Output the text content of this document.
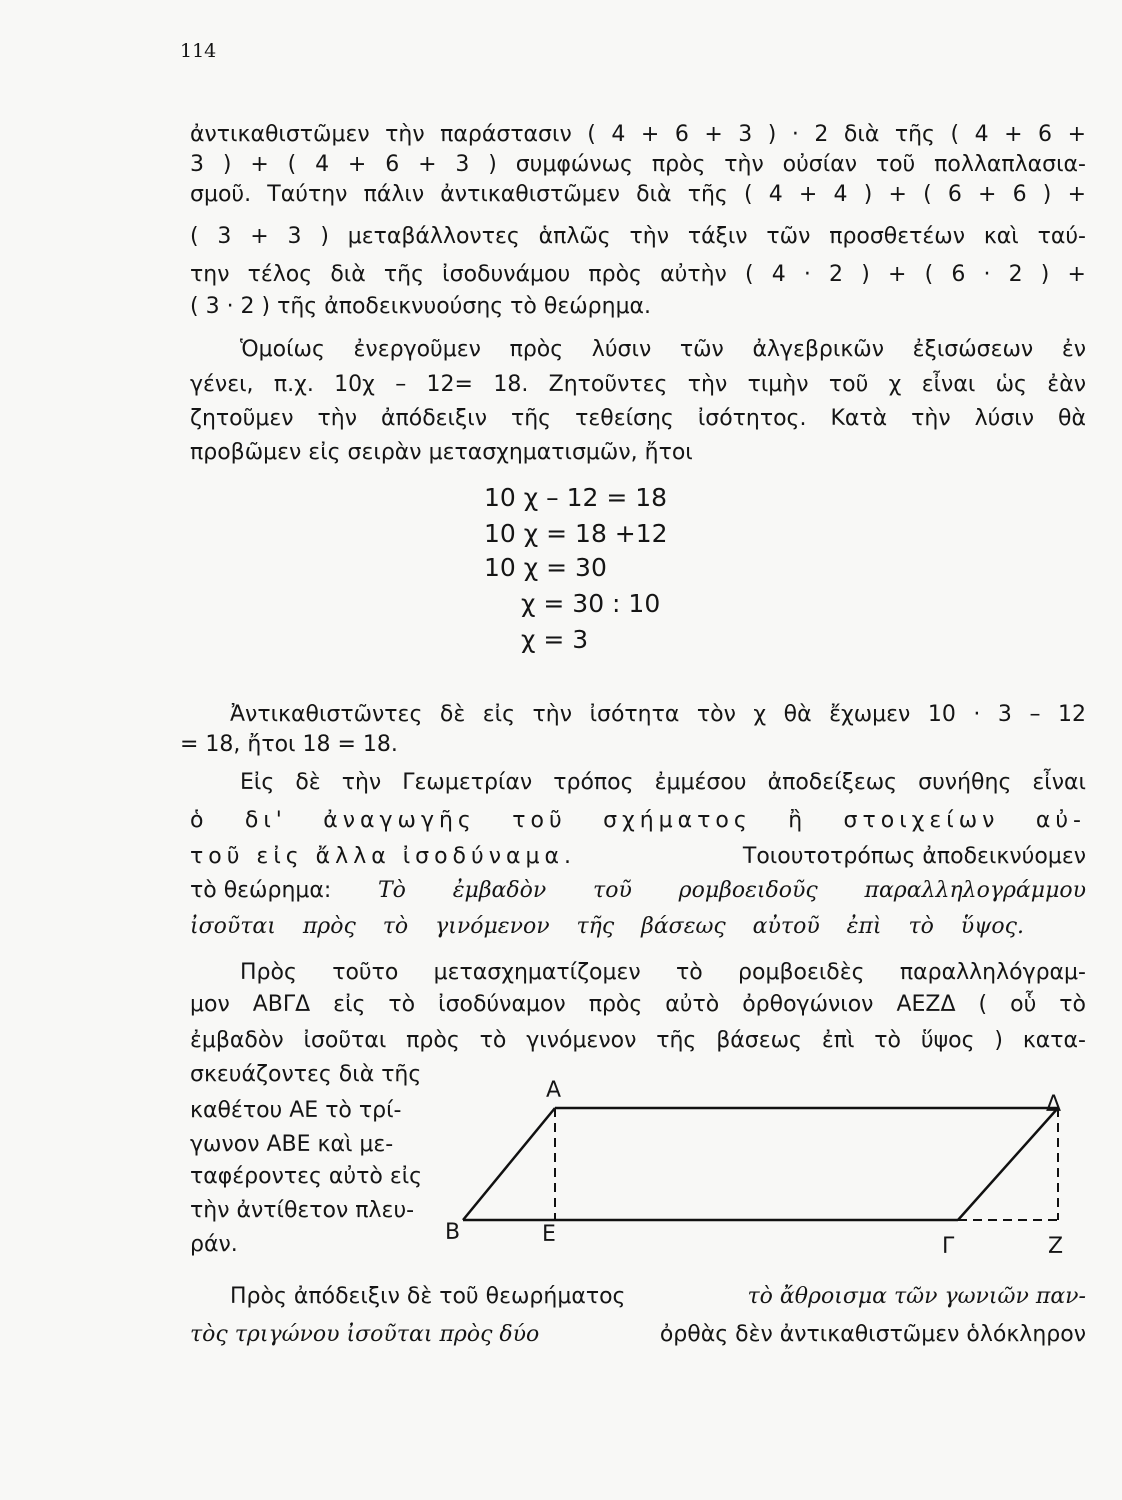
114
ἀντικαθιστῶμεν τὴν παράστασιν ( 4 + 6 + 3 ) · 2 διὰ τῆς ( 4 + 6 +
3 ) + ( 4 + 6 + 3 ) συμφώνως πρὸς τὴν οὐσίαν τοῦ πολλαπλασια-
σμοῦ. Ταύτην πάλιν ἀντικαθιστῶμεν διὰ τῆς ( 4 + 4 ) + ( 6 + 6 ) +
( 3 + 3 ) μεταβάλλοντες ἁπλῶς τὴν τάξιν τῶν προσθετέων καὶ ταύ-
την τέλος διὰ τῆς ἰσοδυνάμου πρὸς αὐτὴν ( 4 · 2 ) + ( 6 · 2 ) +
( 3 · 2 ) τῆς ἀποδεικνυούσης τὸ θεώρημα.
Ὁμοίως ἐνεργοῦμεν πρὸς λύσιν τῶν ἀλγεβρικῶν ἐξισώσεων ἐν
γένει, π.χ. 10χ – 12= 18. Ζητοῦντες τὴν τιμὴν τοῦ χ εἶναι ὡς ἐὰν
ζητοῦμεν τὴν ἀπόδειξιν τῆς τεθείσης ἰσότητος. Κατὰ τὴν λύσιν θὰ
προβῶμεν εἰς σειρὰν μετασχηματισμῶν, ἤτοι
10 χ – 12 = 18
10 χ = 18 +12
10 χ = 30
χ = 30 : 10
χ = 3
Ἀντικαθιστῶντες δὲ εἰς τὴν ἰσότητα τὸν χ θὰ ἔχωμεν 10 · 3 – 12
= 18, ἤτοι 18 = 18.
Εἰς δὲ τὴν Γεωμετρίαν τρόπος ἐμμέσου ἀποδείξεως συνήθης εἶναι
ὁ δι' ἀναγωγῆς τοῦ σχήματος ἢ στοιχείων αὐ-
τοῦ εἰς ἄλλα ἰσοδύναμα.	Τοιουτοτρόπως ἀποδεικνύομεν
τὸ θεώρημα: Τὸ ἐμβαδὸν τοῦ ρομβοειδοῦς παραλληλογράμμου
ἰσοῦται πρὸς τὸ γινόμενον τῆς βάσεως αὐτοῦ ἐπὶ τὸ ὕψος.
Πρὸς τοῦτο μετασχηματίζομεν τὸ ρομβοειδὲς παραλληλόγραμ-
μον ΑΒΓΔ εἰς τὸ ἰσοδύναμον πρὸς αὐτὸ ὀρθογώνιον ΑΕΖΔ ( οὗ τὸ
ἐμβαδὸν ἰσοῦται πρὸς τὸ γινόμενον τῆς βάσεως ἐπὶ τὸ ὕψος ) κατα-
σκευάζοντες διὰ τῆς
καθέτου ΑΕ τὸ τρί-
γωνον ΑΒΕ καὶ με-
ταφέροντες αὐτὸ εἰς
τὴν ἀντίθετον πλευ-
ράν.
Α
Δ
Β	Ε	Γ	Ζ
Πρὸς ἀπόδειξιν δὲ τοῦ θεωρήματος	τὸ ἄθροισμα τῶν γωνιῶν παν-
τὸς τριγώνου ἰσοῦται πρὸς δύο	ὀρθὰς δὲν ἀντικαθιστῶμεν ὁλόκληρον
